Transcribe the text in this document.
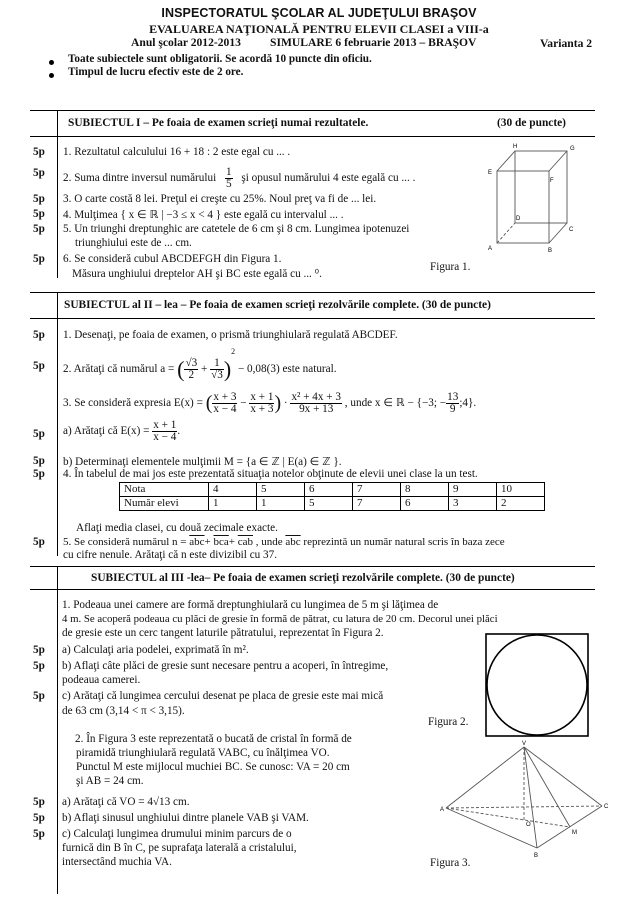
INSPECTORATUL ŞCOLAR AL JUDEŢULUI BRAŞOV
EVALUAREA NAŢIONALĂ PENTRU ELEVII CLASEI a VIII-a
Anul şcolar 2012-2013	SIMULARE 6 februarie 2013 – BRAŞOV	Varianta 2
Toate subiectele sunt obligatorii. Se acordă 10 puncte din oficiu.
Timpul de lucru efectiv este de 2 ore.
SUBIECTUL I – Pe foaia de examen scrieţi numai rezultatele.	(30 de puncte)
5p 1. Rezultatul calculului 16 + 18 : 2 este egal cu ... .
5p 2. Suma dintre inversul numărului $\frac{1}{5}$ şi opusul numărului 4 este egală cu ... .
5p 3. O carte costă 8 lei. Preţul ei creşte cu 25%. Noul preţ va fi de ... lei.
5p 4. Mulţimea { x ∈ ℝ | −3 ≤ x < 4 } este egală cu intervalul ... .
5p 5. Un triunghi dreptunghic are catetele de 6 cm şi 8 cm. Lungimea ipotenuzei
triunghiului este de ... cm.
5p 6. Se consideră cubul ABCDEFGH din Figura 1.
Măsura unghiului dreptelor AH şi BC este egală cu ... ⁰.
Figura 1.
A	B
C
D
E
F
G
H
SUBIECTUL al II – lea – Pe foaia de examen scrieţi rezolvările complete. (30 de puncte)
5p 1. Desenaţi, pe foaia de examen, o prismă triunghiulară regulată ABCDEF.
5p 2. Arătaţi că numărul a = ( $\frac{√3}{2} + \frac{1}{√3} )^2 - 0,08(3)$ este natural.
3. Se consideră expresia E(x) = ( $\frac{x + 3}{x - 4} - \frac{x + 1}{x + 3}$ ) · $\frac{\text{x² + 4x + 3}}{9x + 13}$ , unde x ∈ ℝ − {−3; − $\frac{13}{9}$ ;4}.
5p a) Arătaţi că $E(x) = \frac{x + 1}{x - 4}$ .
5p b) Determinaţi elementele mulţimii M = {a ∈ ℤ | E(a) ∈ ℤ }.
5p 4. În tabelul de mai jos este prezentată situaţia notelor obţinute de elevii unei clase la un test.
Nota	4	5	6	7	8	9	10
Număr elevi	1	1	5	7	6	3	2
Aflaţi media clasei, cu două zecimale exacte.
5p 5. Se consideră numărul $n = \overline{abc}+ \overline{bca}+ \overline{cab}$ , unde $\overline{abc}$ reprezintă un număr natural scris în baza zece
cu cifre nenule. Arătaţi că n este divizibil cu 37.
SUBIECTUL al III -lea– Pe foaia de examen scrieţi rezolvările complete. (30 de puncte)
1. Podeaua unei camere are formă dreptunghiulară cu lungimea de 5 m şi lăţimea de
4 m. Se acoperă podeaua cu plăci de gresie în formă de pătrat, cu latura de 20 cm. Decorul unei plăci
de gresie este un cerc tangent laturile pătratului, reprezentat în Figura 2.
5p a) Calculaţi aria podelei, exprimată în m².
5p b) Aflaţi câte plăci de gresie sunt necesare pentru a acoperi, în întregime,
podeaua camerei.
5p c) Arătaţi că lungimea cercului desenat pe placa de gresie este mai mică
de 63 cm (3,14 < π < 3,15).
Figura 2.
2. În Figura 3 este reprezentată o bucată de cristal în formă de
piramidă triunghiulară regulată VABC, cu înălţimea VO.
Punctul M este mijlocul muchiei BC. Se cunosc: VA = 20 cm
şi AB = 24 cm.
5p a) Arătaţi că VO = 4√13 cm.
5p b) Aflaţi sinusul unghiului dintre planele VAB şi VAM.
5p c) Calculaţi lungimea drumului minim parcurs de o
furnică din B în C, pe suprafaţa laterală a cristalului,
intersectând muchia VA.
V
A
B
C
O
M
Figura 3.
